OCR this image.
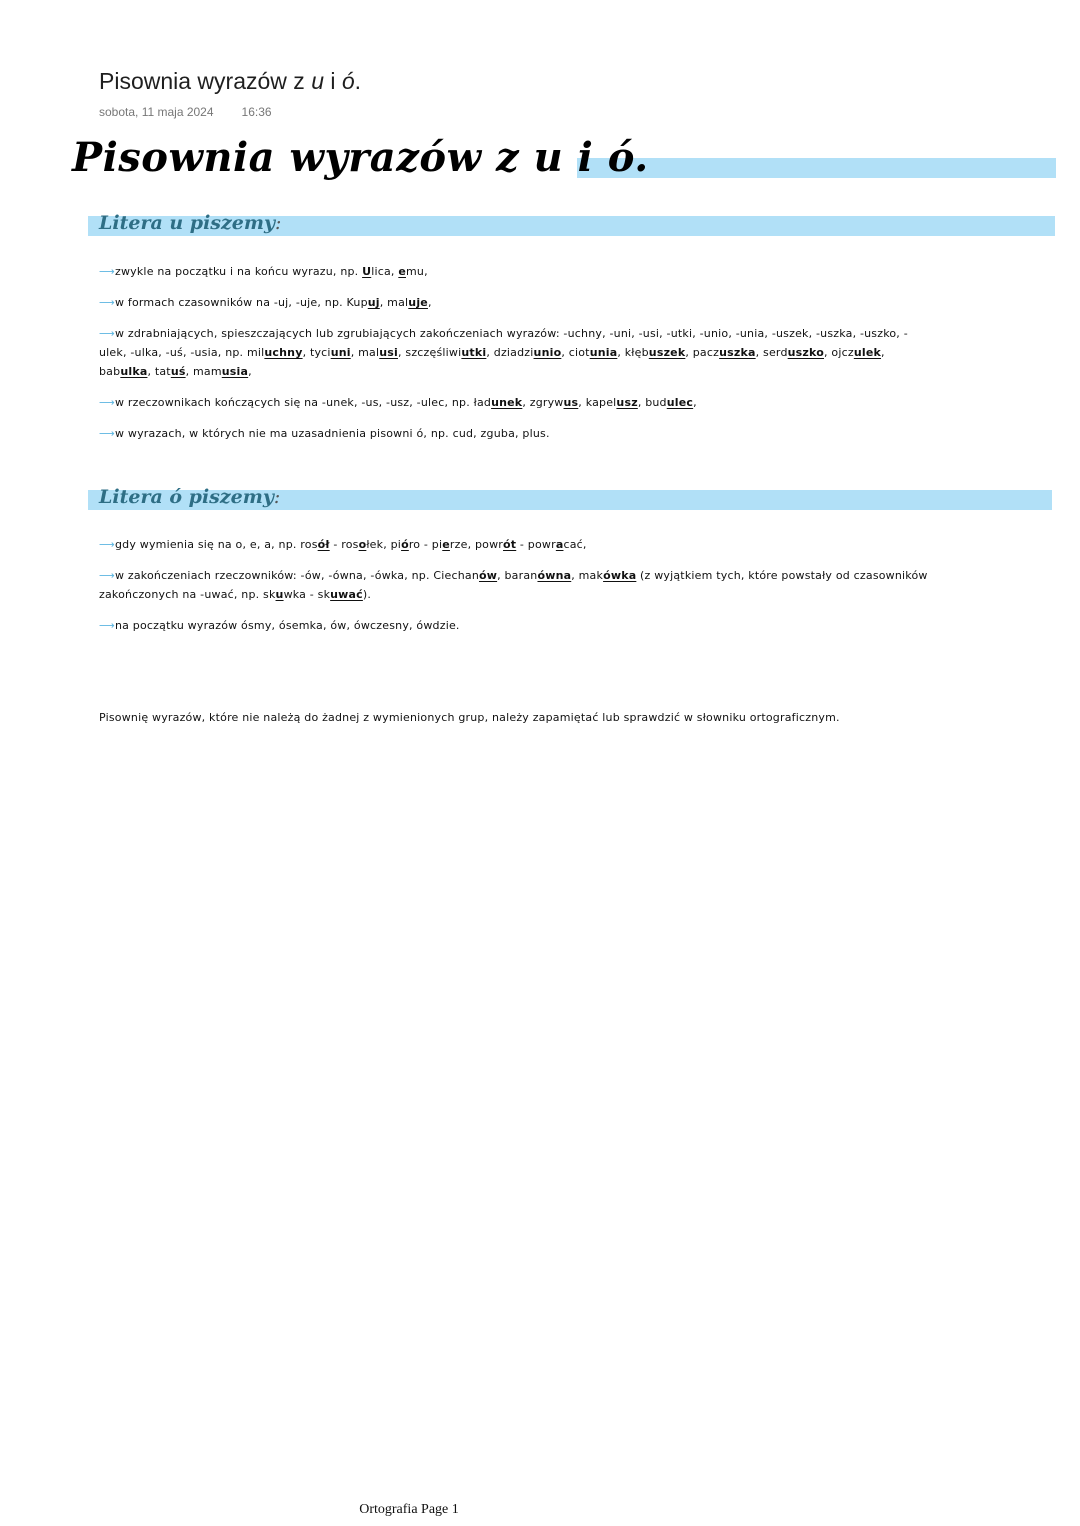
Pisownia wyrazów z u i ó.
sobota, 11 maja 2024 16:36
Pisownia wyrazów z u i ó.
Litera u piszemy:
⟶zwykle na początku i na końcu wyrazu, np. Ulica, emu,
⟶w formach czasowników na -uj, -uje, np. Kupuj, maluje,
⟶w zdrabniających, spieszczających lub zgrubiających zakończeniach wyrazów: -uchny, -uni, -usi, -utki, -unio, -unia, -uszek, -uszka, -uszko, -ulek, -ulka, -uś, -usia, np. miluchny, tyciuni, malusi, szczęśliwiutki, dziadziunio, ciotunia, kłębuszek, paczuszka, serduszko, ojczulek, babulka, tatuś, mamusia,
⟶w rzeczownikach kończących się na -unek, -us, -usz, -ulec, np. ładunek, zgrywus, kapelusz, budulec,
⟶w wyrazach, w których nie ma uzasadnienia pisowni ó, np. cud, zguba, plus.
Litera ó piszemy:
⟶gdy wymienia się na o, e, a, np. rosół - rosołek, pióro - pierze, powrót - powracać,
⟶w zakończeniach rzeczowników: -ów, -ówna, -ówka, np. Ciechanów, baranówna, makówka (z wyjątkiem tych, które powstały od czasowników zakończonych na -uwać, np. skuwka - skuwać).
⟶na początku wyrazów ósmy, ósemka, ów, ówczesny, ówdzie.
Pisownię wyrazów, które nie należą do żadnej z wymienionych grup, należy zapamiętać lub sprawdzić w słowniku ortograficznym.
Ortografia Page 1
